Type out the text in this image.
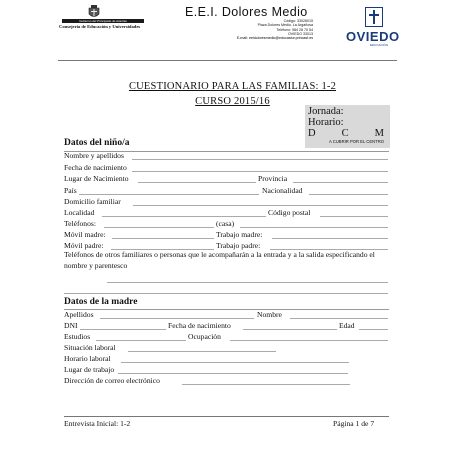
Gobierno del Principado de Asturias
Consejería de Educación y Universidades
E.E.I. Dolores Medio
Código: 33026015
Plaza Dolores Medio. La Argañosa
Teléfono: 984 28 70 54
OVIEDO 33013
E-mail: eeidoloresmedio@educastur.princast.es	OVIEDO
EDUCACIÓN
CUESTIONARIO PARA LAS FAMILIAS: 1-2
CURSO 2015/16
Jornada:
Horario:
D C M
A CUBRIR POR EL CENTRO
Datos del niño/a
Nombre y apellidos
Fecha de nacimiento
Lugar de Nacimiento	Provincia
País	Nacionalidad
Domicilio familiar
Localidad	Código postal
Teléfonos:	(casa)
Móvil madre:	Trabajo madre:
Móvil padre:	Trabajo padre:
Teléfonos de otros familiares o personas que le acompañarán a la entrada y a la salida especificando el nombre y parentesco
Datos de la madre
Apellidos	Nombre
DNI	Fecha de nacimiento	Edad
Estudios	Ocupación
Situación laboral
Horario laboral
Lugar de trabajo
Dirección de correo electrónico
Entrevista Inicial: 1-2	Página 1 de 7
